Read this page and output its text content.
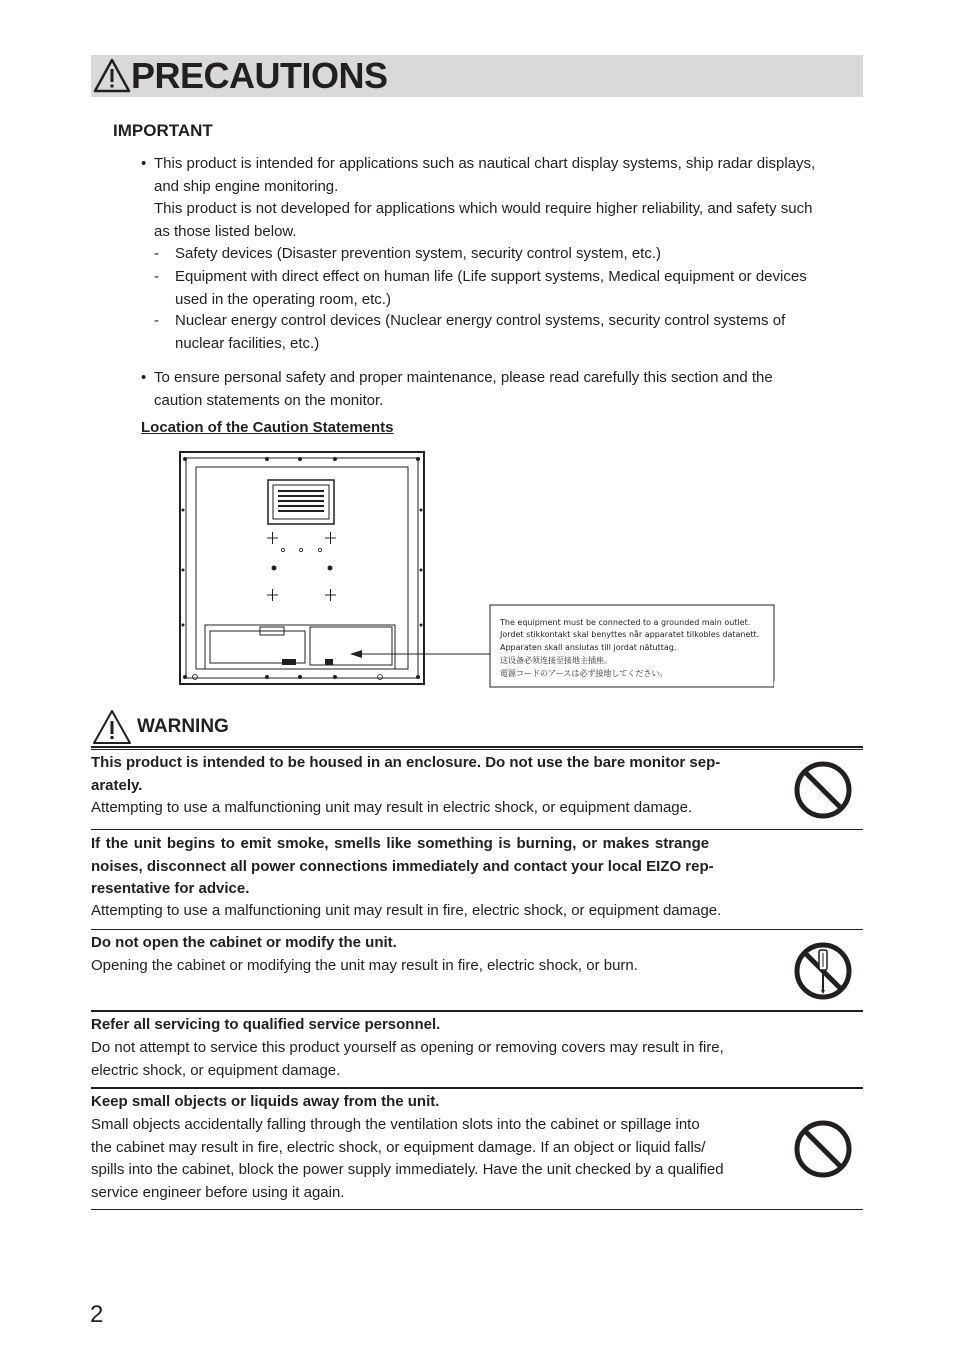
PRECAUTIONS
IMPORTANT
• This product is intended for applications such as nautical chart display systems, ship radar displays,
and ship engine monitoring.
This product is not developed for applications which would require higher reliability, and safety such
as those listed below.
- Safety devices (Disaster prevention system, security control system, etc.)
- Equipment with direct effect on human life (Life support systems, Medical equipment or devices
used in the operating room, etc.)
- Nuclear energy control devices (Nuclear energy control systems, security control systems of
nuclear facilities, etc.)
• To ensure personal safety and proper maintenance, please read carefully this section and the
caution statements on the monitor.
Location of the Caution Statements
The equipment must be connected to a grounded main outlet.
Jordet stikkontakt skal benyttes når apparatet tilkobles datanett.
Apparaten skall anslutas till jordat nätuttag.
这设备必须连接至接地主插座。
電源コードのアースは必ず接地してください。
WARNING
This product is intended to be housed in an enclosure. Do not use the bare monitor sep-
arately.
Attempting to use a malfunctioning unit may result in electric shock, or equipment damage.
If the unit begins to emit smoke, smells like something is burning, or makes strange
noises, disconnect all power connections immediately and contact your local EIZO rep-
resentative for advice.
Attempting to use a malfunctioning unit may result in fire, electric shock, or equipment damage.
Do not open the cabinet or modify the unit.
Opening the cabinet or modifying the unit may result in fire, electric shock, or burn.
Refer all servicing to qualified service personnel.
Do not attempt to service this product yourself as opening or removing covers may result in fire,
electric shock, or equipment damage.
Keep small objects or liquids away from the unit.
Small objects accidentally falling through the ventilation slots into the cabinet or spillage into
the cabinet may result in fire, electric shock, or equipment damage. If an object or liquid falls/
spills into the cabinet, block the power supply immediately. Have the unit checked by a qualified
service engineer before using it again.
2
